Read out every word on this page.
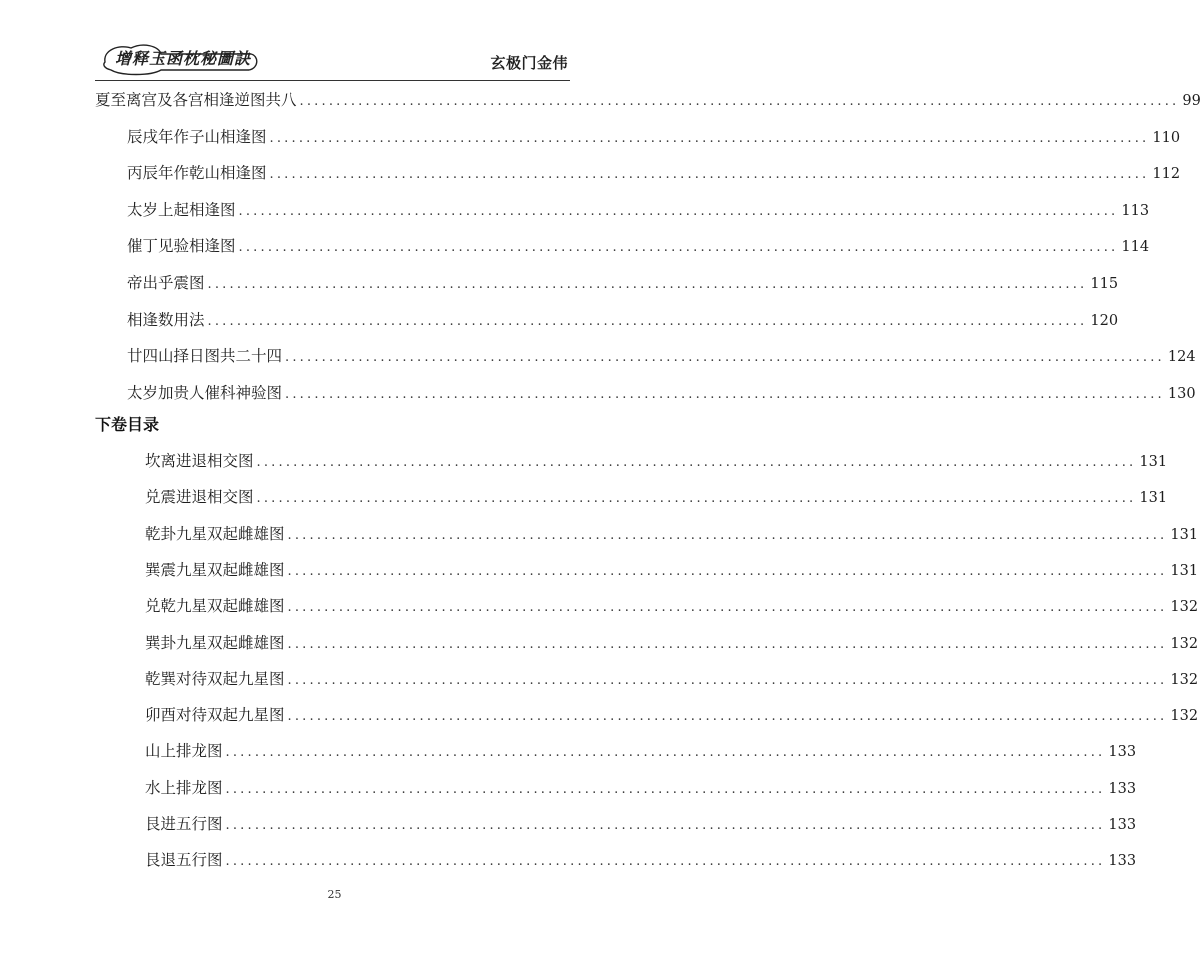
增释玉函枕秘圖訣	玄极门金伟
夏至离宫及各宫相逢逆图共八 ........................................................................................................................ 99
辰戌年作子山相逢图 ........................................................................................................................ 110
丙辰年作乾山相逢图 ........................................................................................................................ 112
太岁上起相逢图 ........................................................................................................................ 113
催丁见验相逢图 ........................................................................................................................ 114
帝出乎震图 ........................................................................................................................ 115
相逢数用法 ........................................................................................................................ 120
廿四山择日图共二十四 ........................................................................................................................ 124
太岁加贵人催科神验图 ........................................................................................................................ 130
下卷目录
坎离进退相交图 ........................................................................................................................ 131
兑震进退相交图 ........................................................................................................................ 131
乾卦九星双起雌雄图 ........................................................................................................................ 131
巽震九星双起雌雄图 ........................................................................................................................ 131
兑乾九星双起雌雄图 ........................................................................................................................ 132
巽卦九星双起雌雄图 ........................................................................................................................ 132
乾巽对待双起九星图 ........................................................................................................................ 132
卯酉对待双起九星图 ........................................................................................................................ 132
山上排龙图 ........................................................................................................................ 133
水上排龙图 ........................................................................................................................ 133
艮进五行图 ........................................................................................................................ 133
艮退五行图 ........................................................................................................................ 133
25
